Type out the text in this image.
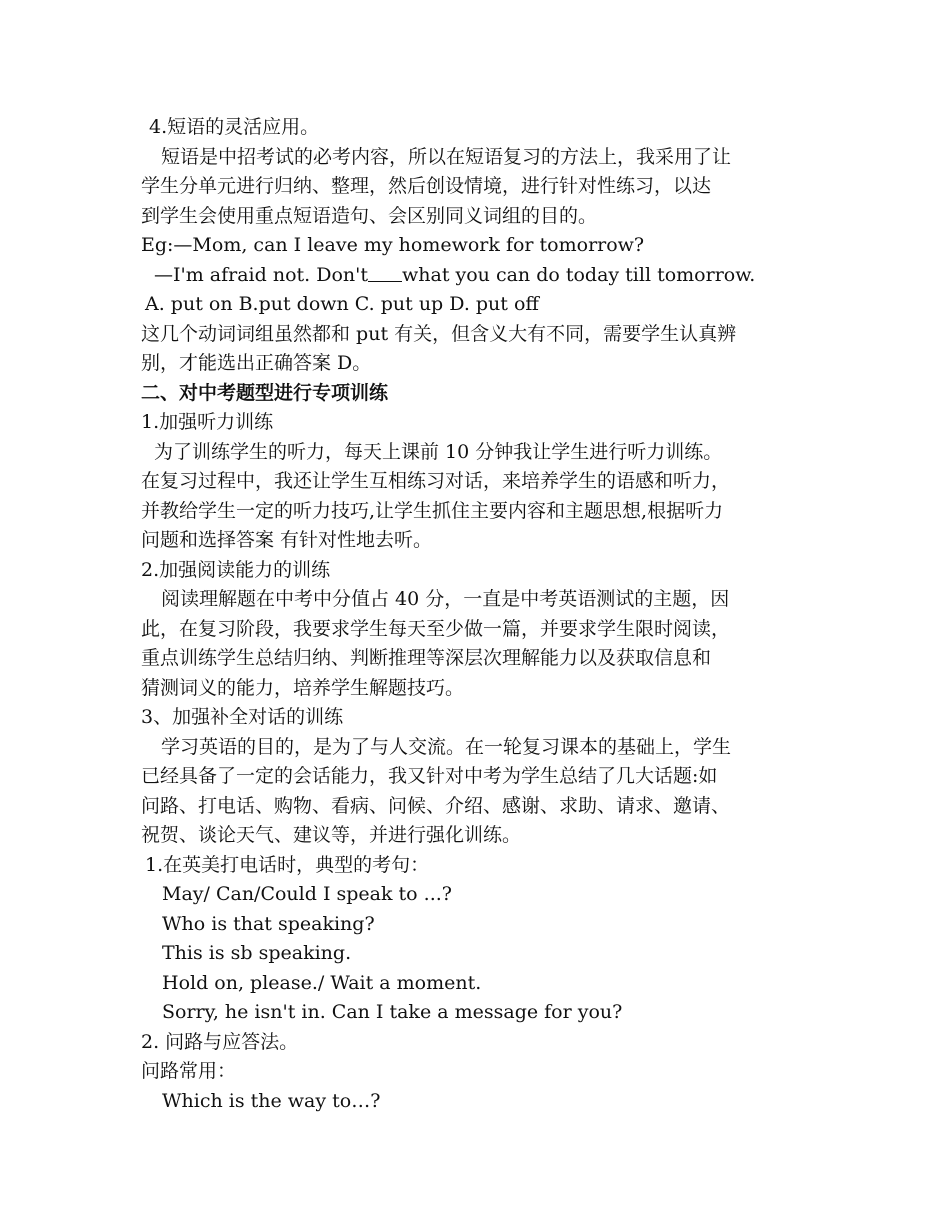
4.短语的灵活应用。
短语是中招考试的必考内容，所以在短语复习的方法上，我采用了让
学生分单元进行归纳、整理，然后创设情境，进行针对性练习，以达
到学生会使用重点短语造句、会区别同义词组的目的。
Eg:—Mom, can I leave my homework for tomorrow?
—I'm afraid not. Don't what you can do today till tomorrow.
A. put on B.put down C. put up D. put off
这几个动词词组虽然都和 put 有关，但含义大有不同，需要学生认真辨
别，才能选出正确答案 D。
二、对中考题型进行专项训练
1.加强听力训练
为了训练学生的听力，每天上课前 10 分钟我让学生进行听力训练。
在复习过程中，我还让学生互相练习对话，来培养学生的语感和听力，
并教给学生一定的听力技巧,让学生抓住主要内容和主题思想,根据听力
问题和选择答案 有针对性地去听。
2.加强阅读能力的训练
阅读理解题在中考中分值占 40 分，一直是中考英语测试的主题，因
此，在复习阶段，我要求学生每天至少做一篇，并要求学生限时阅读，
重点训练学生总结归纳、判断推理等深层次理解能力以及获取信息和
猜测词义的能力，培养学生解题技巧。
3、加强补全对话的训练
学习英语的目的，是为了与人交流。在一轮复习课本的基础上，学生
已经具备了一定的会话能力，我又针对中考为学生总结了几大话题:如
问路、打电话、购物、看病、问候、介绍、感谢、求助、请求、邀请、
祝贺、谈论天气、建议等，并进行强化训练。
1.在英美打电话时，典型的考句：
May/ Can/Could I speak to ...?
Who is that speaking?
This is sb speaking.
Hold on, please./ Wait a moment.
Sorry, he isn't in. Can I take a message for you?
2. 问路与应答法。
问路常用：
Which is the way to…?
